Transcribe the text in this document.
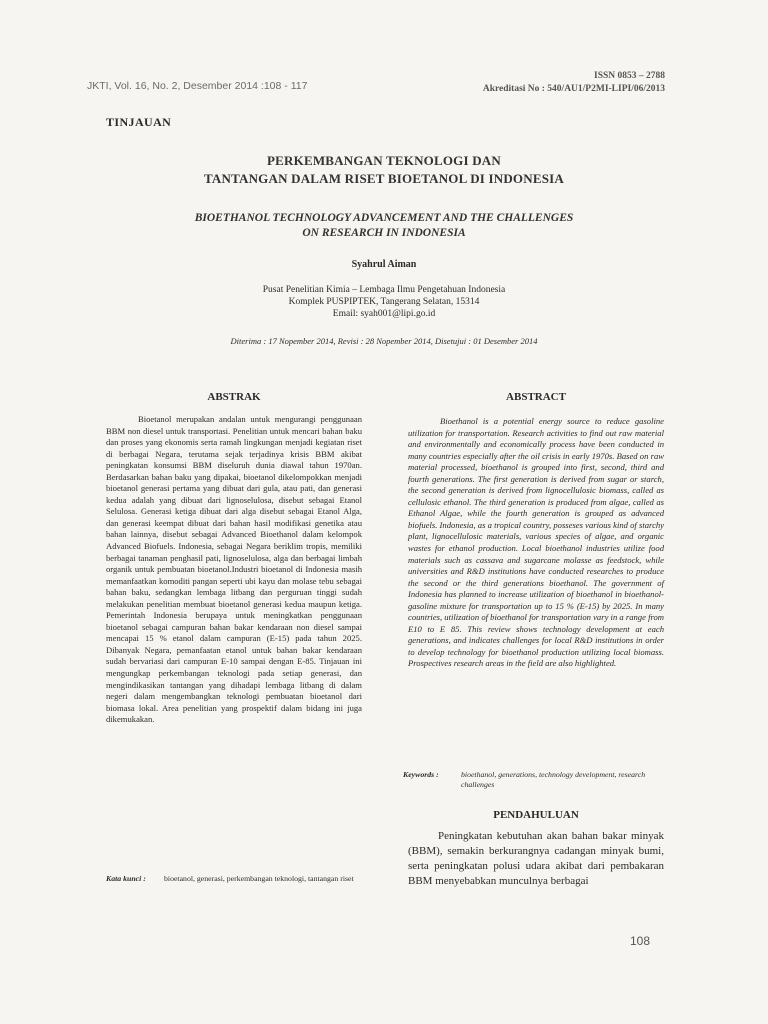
JKTI, Vol. 16, No. 2, Desember 2014 :108 - 117
ISSN 0853 – 2788
Akreditasi No : 540/AU1/P2MI-LIPI/06/2013
TINJAUAN
PERKEMBANGAN TEKNOLOGI DAN
TANTANGAN DALAM RISET BIOETANOL DI INDONESIA
BIOETHANOL TECHNOLOGY ADVANCEMENT AND THE CHALLENGES
ON RESEARCH IN INDONESIA
Syahrul Aiman
Pusat Penelitian Kimia – Lembaga Ilmu Pengetahuan Indonesia
Komplek PUSPIPTEK, Tangerang Selatan, 15314
Email: syah001@lipi.go.id
Diterima : 17 Nopember 2014, Revisi : 28 Nopember 2014, Disetujui : 01 Desember 2014
ABSTRAK

Bioetanol merupakan andalan untuk mengurangi penggunaan BBM non diesel untuk transportasi. Penelitian untuk mencari bahan baku dan proses yang ekonomis serta ramah lingkungan menjadi kegiatan riset di berbagai Negara, terutama sejak terjadinya krisis BBM akibat peningkatan konsumsi BBM diseluruh dunia diawal tahun 1970an. Berdasarkan bahan baku yang dipakai, bioetanol dikelompokkan menjadi bioetanol generasi pertama yang dibuat dari gula, atau pati, dan generasi kedua adalah yang dibuat dari lignoselulosa, disebut sebagai Etanol Selulosa. Generasi ketiga dibuat dari alga disebut sebagai Etanol Alga, dan generasi keempat dibuat dari bahan hasil modifikasi genetika atau bahan lainnya, disebut sebagai Advanced Bioethanol dalam kelompok Advanced Biofuels. Indonesia, sebagai Negara beriklim tropis, memiliki berbagai tanaman penghasil pati, lignoselulosa, alga dan berbagai limbah organik untuk pembuatan bioetanol.Industri bioetanol di Indonesia masih memanfaatkan komoditi pangan seperti ubi kayu dan molase tebu sebagai bahan baku, sedangkan lembaga litbang dan perguruan tinggi sudah melakukan penelitian membuat bioetanol generasi kedua maupun ketiga. Pemerintah Indonesia berupaya untuk meningkatkan penggunaan bioetanol sebagai campuran bahan bakar kendaraan non diesel sampai mencapai 15 % etanol dalam campuran (E-15) pada tahun 2025. Dibanyak Negara, pemanfaatan etanol untuk bahan bakar kendaraan sudah bervariasi dari campuran E-10 sampai dengan E-85. Tinjauan ini mengungkap perkembangan teknologi pada setiap generasi, dan mengindikasikan tantangan yang dihadapi lembaga litbang di dalam negeri dalam mengembangkan teknologi pembuatan bioetanol dari biomasa lokal. Area penelitian yang prospektif dalam bidang ini juga dikemukakan.

Kata kunci :	bioetanol, generasi, perkembangan teknologi, tantangan riset
ABSTRACT

Bioethanol is a potential energy source to reduce gasoline utilization for transportation. Research activities to find out raw material and environmentally and economically process have been conducted in many countries especially after the oil crisis in early 1970s. Based on raw material processed, bioethanol is grouped into first, second, third and fourth generations. The first generation is derived from sugar or starch, the second generation is derived from lignocellulosic biomass, called as cellulosic ethanol. The third generation is produced from algae, called as Ethanol Algae, while the fourth generation is grouped as advanced biofuels. Indonesia, as a tropical country, posseses various kind of starchy plant, lignocellulosic materials, various species of algae, and organic wastes for ethanol production. Local bioethanol industries utilize food materials such as cassava and sugarcane molasse as feedstock, while universities and R&D institutions have conducted researches to produce the second or the third generations bioethanol. The government of Indonesia has planned to increase utilization of bioethanol in bioethanol-gasoline mixture for transportation up to 15 % (E-15) by 2025. In many countries, utilization of bioethanol for transportation vary in a range from E10 to E 85. This review shows technology development at each generations, and indicates challenges for local R&D institutions in order to develop technology for bioethanol production utilizing local biomass. Prospectives research areas in the field are also highlighted.

Keywords :	bioethanol, generations, technology development, research challenges
PENDAHULUAN

Peningkatan kebutuhan akan bahan bakar minyak (BBM), semakin berkurangnya cadangan minyak bumi, serta peningkatan polusi udara akibat dari pembakaran BBM menyebabkan munculnya berbagai

108
